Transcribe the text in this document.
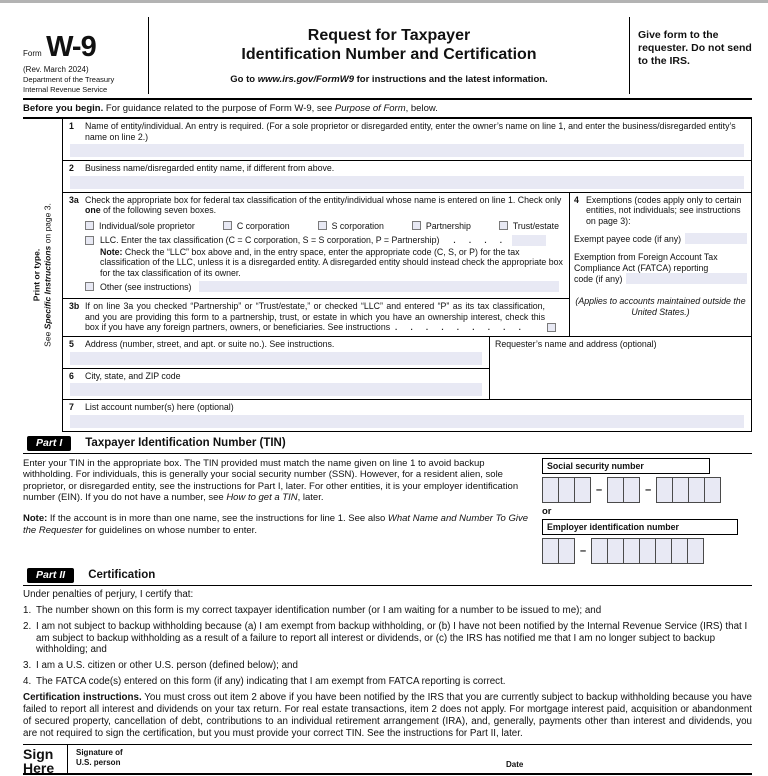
Form W-9
(Rev. March 2024)
Department of the Treasury
Internal Revenue Service
Request for Taxpayer
Identification Number and Certification
Go to www.irs.gov/FormW9 for instructions and the latest information.
Give form to the requester. Do not send to the IRS.
Before you begin. For guidance related to the purpose of Form W-9, see Purpose of Form, below.
Print or type.
See Specific Instructions on page 3.
1	Name of entity/individual. An entry is required. (For a sole proprietor or disregarded entity, enter the owner’s name on line 1, and enter the business/disregarded entity’s name on line 2.)
2	Business name/disregarded entity name, if different from above.
3a Check the appropriate box for federal tax classification of the entity/individual whose name is entered on line 1. Check only one of the following seven boxes.
Individual/sole proprietor	C corporation	S corporation	Partnership	Trust/estate
LLC. Enter the tax classification (C = C corporation, S = S corporation, P = Partnership) . . . .
Note: Check the “LLC” box above and, in the entry space, enter the appropriate code (C, S, or P) for the tax classification of the LLC, unless it is a disregarded entity. A disregarded entity should instead check the appropriate box for the tax classification of its owner.
Other (see instructions)
3b If on line 3a you checked “Partnership” or “Trust/estate,” or checked “LLC” and entered “P” as its tax classification, and you are providing this form to a partnership, trust, or estate in which you have an ownership interest, check this box if you have any foreign partners, owners, or beneficiaries. See instructions . . . . . . . . .
4 Exemptions (codes apply only to certain entities, not individuals; see instructions on page 3):
Exempt payee code (if any)
Exemption from Foreign Account Tax Compliance Act (FATCA) reporting
code (if any)
(Applies to accounts maintained outside the United States.)
5	Address (number, street, and apt. or suite no.). See instructions.
6	City, state, and ZIP code
Requester’s name and address (optional)
7	List account number(s) here (optional)
Part I	Taxpayer Identification Number (TIN)
Enter your TIN in the appropriate box. The TIN provided must match the name given on line 1 to avoid backup withholding. For individuals, this is generally your social security number (SSN). However, for a resident alien, sole proprietor, or disregarded entity, see the instructions for Part I, later. For other entities, it is your employer identification number (EIN). If you do not have a number, see How to get a TIN, later.
Note: If the account is in more than one name, see the instructions for line 1. See also What Name and Number To Give the Requester for guidelines on whose number to enter.
Social security number
–	–
or
Employer identification number
–
Part II	Certification
Under penalties of perjury, I certify that:
1. The number shown on this form is my correct taxpayer identification number (or I am waiting for a number to be issued to me); and
2. I am not subject to backup withholding because (a) I am exempt from backup withholding, or (b) I have not been notified by the Internal Revenue Service (IRS) that I am subject to backup withholding as a result of a failure to report all interest or dividends, or (c) the IRS has notified me that I am no longer subject to backup withholding; and
3. I am a U.S. citizen or other U.S. person (defined below); and
4. The FATCA code(s) entered on this form (if any) indicating that I am exempt from FATCA reporting is correct.
Certification instructions. You must cross out item 2 above if you have been notified by the IRS that you are currently subject to backup withholding because you have failed to report all interest and dividends on your tax return. For real estate transactions, item 2 does not apply. For mortgage interest paid, acquisition or abandonment of secured property, cancellation of debt, contributions to an individual retirement arrangement (IRA), and, generally, payments other than interest and dividends, you are not required to sign the certification, but you must provide your correct TIN. See the instructions for Part II, later.
Sign
Here
Signature of
U.S. person	Date
